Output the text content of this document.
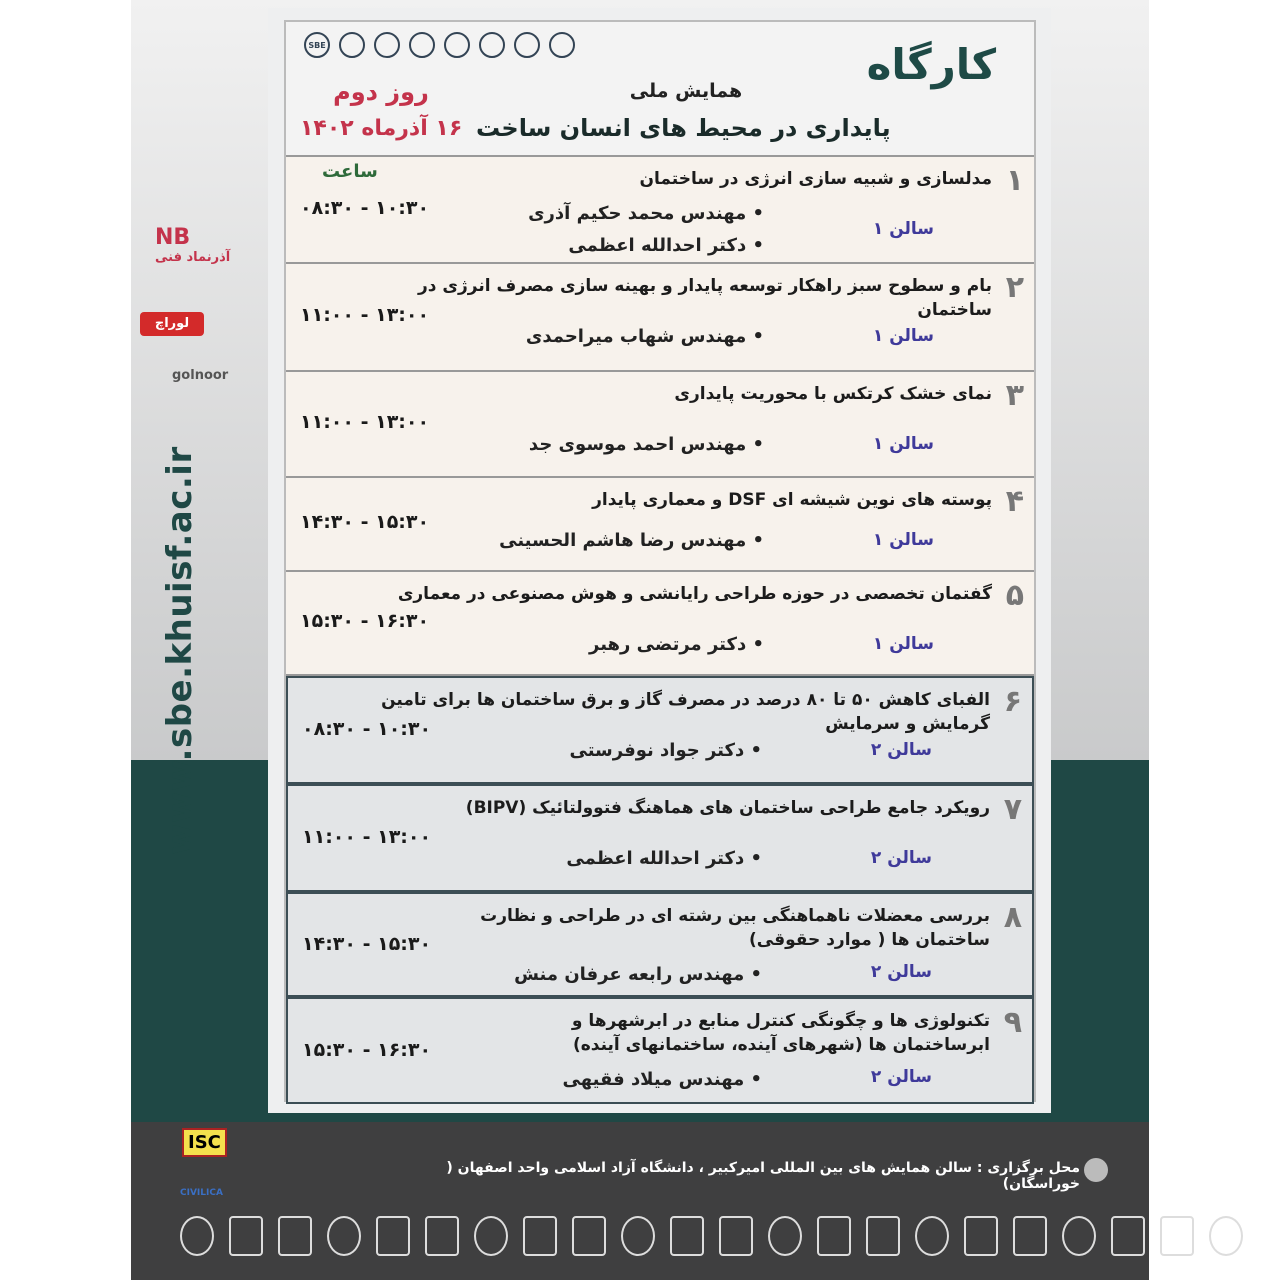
www.sbe.khuisf.ac.ir
NB
آذرنماد فنی
لوراچ
golnoor
SBE	کارگاه
همایش ملی
پایداری در محیط های انسان ساخت
روز دوم
۱۶ آذرماه ۱۴۰۲
۱
مدلسازی و شبیه سازی انرژی در ساختمان
• مهندس محمد حکیم آذری
• دکتر احدالله اعظمی
سالن ۱
۰۸:۳۰ - ۱۰:۳۰
ساعت
۲
بام و سطوح سبز راهکار توسعه پایدار و بهینه سازی مصرف انرژی در ساختمان
• مهندس شهاب میراحمدی	سالن ۱
۱۱:۰۰ - ۱۳:۰۰
۳
نمای خشک کرتکس با محوریت پایداری
• مهندس احمد موسوی جد	سالن ۱
۱۱:۰۰ - ۱۳:۰۰
۴
پوسته های نوین شیشه ای DSF و معماری پایدار
• مهندس رضا هاشم الحسینی	سالن ۱
۱۴:۳۰ - ۱۵:۳۰
۵
گفتمان تخصصی در حوزه طراحی رایانشی و هوش مصنوعی در معماری
• دکتر مرتضی رهبر	سالن ۱
۱۵:۳۰ - ۱۶:۳۰
۶
الفبای کاهش ۵۰ تا ۸۰ درصد در مصرف گاز و برق ساختمان ها برای تامین گرمایش و سرمایش
• دکتر جواد نوفرستی	سالن ۲
۰۸:۳۰ - ۱۰:۳۰
۷
رویکرد جامع طراحی ساختمان های هماهنگ فتوولتائیک (BIPV)
• دکتر احدالله اعظمی	سالن ۲
۱۱:۰۰ - ۱۳:۰۰
۸
بررسی معضلات ناهماهنگی بین رشته ای در طراحی و نظارت ساختمان ها ( موارد حقوقی)
• مهندس رابعه عرفان منش	سالن ۲
۱۴:۳۰ - ۱۵:۳۰
۹
تکنولوژی ها و چگونگی کنترل منابع در ابرشهرها و ابرساختمان ها (شهرهای آینده، ساختمانهای آینده)
• مهندس میلاد فقیهی	سالن ۲
۱۵:۳۰ - ۱۶:۳۰
ISC
CIVILICA
محل برگزاری : سالن همایش های بین المللی امیرکبیر ، دانشگاه آزاد اسلامی واحد اصفهان ( خوراسگان)
